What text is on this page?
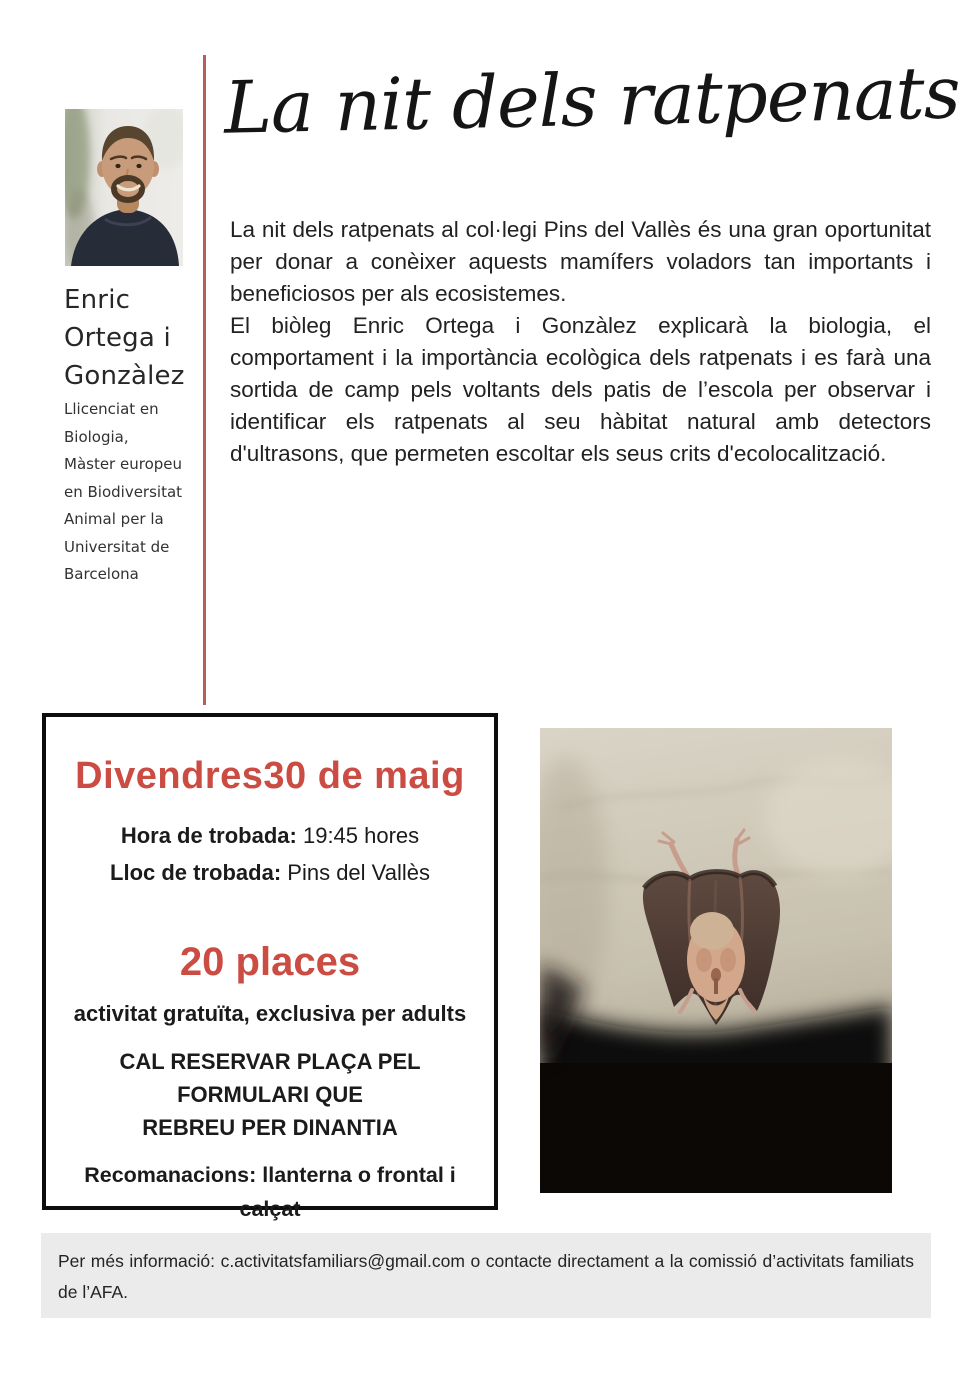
La nit dels ratpenats
Enric Ortega i Gonzàlez
Llicenciat en Biologia, Màster europeu en Biodiversitat Animal per la Universitat de Barcelona

La nit dels ratpenats al col·legi Pins del Vallès és una gran oportunitat per donar a conèixer aquests mamífers voladors tan importants i beneficiosos per als ecosistemes.

El biòleg Enric Ortega i Gonzàlez explicarà la biologia, el comportament i la importància ecològica dels ratpenats i es farà una sortida de camp pels voltants dels patis de l’escola per observar i identificar els ratpenats al seu hàbitat natural amb detectors d'ultrasons, que permeten escoltar els seus crits d'ecolocalització.

Divendres30 de maig
Hora de trobada: 19:45 hores
Lloc de trobada: Pins del Vallès
20 places
activitat gratuïta, exclusiva per adults
CAL RESERVAR PLAÇA PEL FORMULARI QUE
REBREU PER DINANTIA
Recomanacions: llanterna o frontal i calçat
Per més informació: c.activitatsfamiliars@gmail.com o contacte directament a la comissió d’activitats familiats de l’AFA.
